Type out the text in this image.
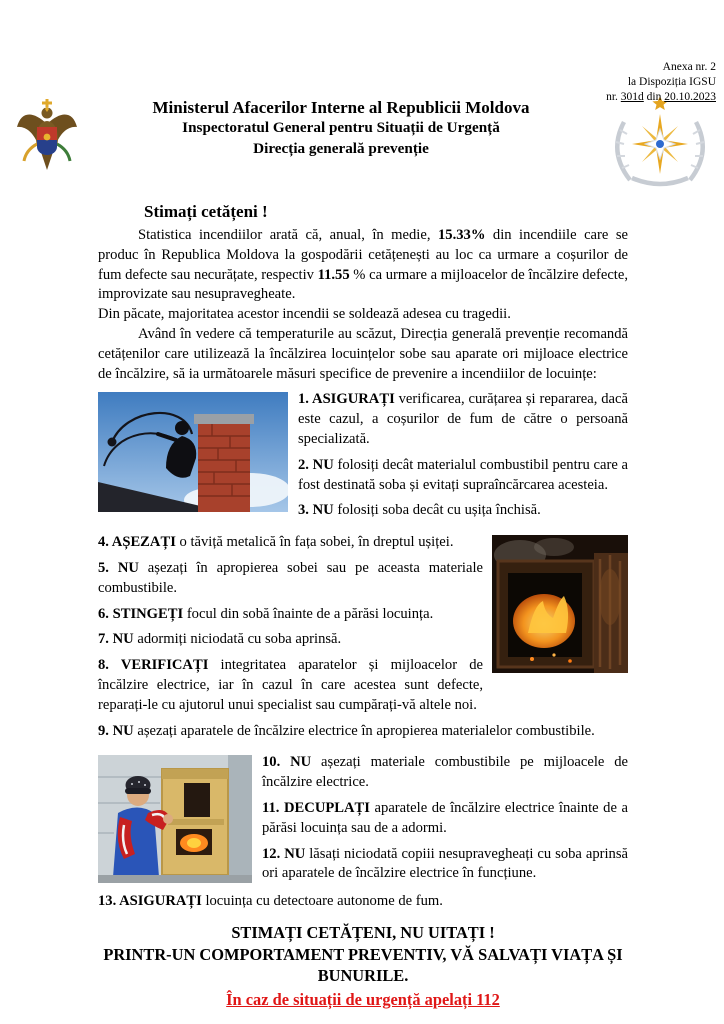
Anexa nr. 2
la Dispoziția IGSU
nr. 301d din 20.10.2023
Ministerul Afacerilor Interne al Republicii Moldova
Inspectoratul General pentru Situații de Urgență
Direcția generală prevenție
Stimați cetățeni !

Statistica incendiilor arată că, anual, în medie, 15.33% din incendiile care se produc în Republica Moldova la gospodării cetățenești au loc ca urmare a coșurilor de fum defecte sau necurățate, respectiv 11.55 % ca urmare a mijloacelor de încălzire defecte, improvizate sau nesupravegheate.

Din păcate, majoritatea acestor incendii se soldează adesea cu tragedii.

Având în vedere că temperaturile au scăzut, Direcția generală prevenție recomandă cetățenilor care utilizează la încălzirea locuințelor sobe sau aparate ori mijloace electrice de încălzire, să ia următoarele măsuri specifice de prevenire a incendiilor de locuințe:

1. ASIGURAȚI verificarea, curățarea și repararea, dacă este cazul, a coșurilor de fum de către o persoană specializată.

2. NU folosiți decât materialul combustibil pentru care a fost destinată soba și evitați supraîncărcarea acesteia.

3. NU folosiți soba decât cu ușița închisă.

4. AȘEZAȚI o tăviță metalică în fața sobei, în dreptul ușiței.

5. NU așezați în apropierea sobei sau pe aceasta materiale combustibile.

6. STINGEȚI focul din sobă înainte de a părăsi locuința.

7. NU adormiți niciodată cu soba aprinsă.

8. VERIFICAȚI integritatea aparatelor și mijloacelor de încălzire electrice, iar în cazul în care acestea sunt defecte, reparați-le cu ajutorul unui specialist sau cumpărați-vă altele noi.

9. NU așezați aparatele de încălzire electrice în apropierea materialelor combustibile.

10. NU așezați materiale combustibile pe mijloacele de încălzire electrice.

11. DECUPLAȚI aparatele de încălzire electrice înainte de a părăsi locuința sau de a adormi.

12. NU lăsați niciodată copiii nesupravegheați cu soba aprinsă ori aparatele de încălzire electrice în funcțiune.

13. ASIGURAȚI locuința cu detectoare autonome de fum.

STIMAȚI CETĂȚENI, NU UITAȚI !
PRINTR-UN COMPORTAMENT PREVENTIV, VĂ SALVAȚI VIAȚA ȘI BUNURILE.
În caz de situații de urgență apelați 112
